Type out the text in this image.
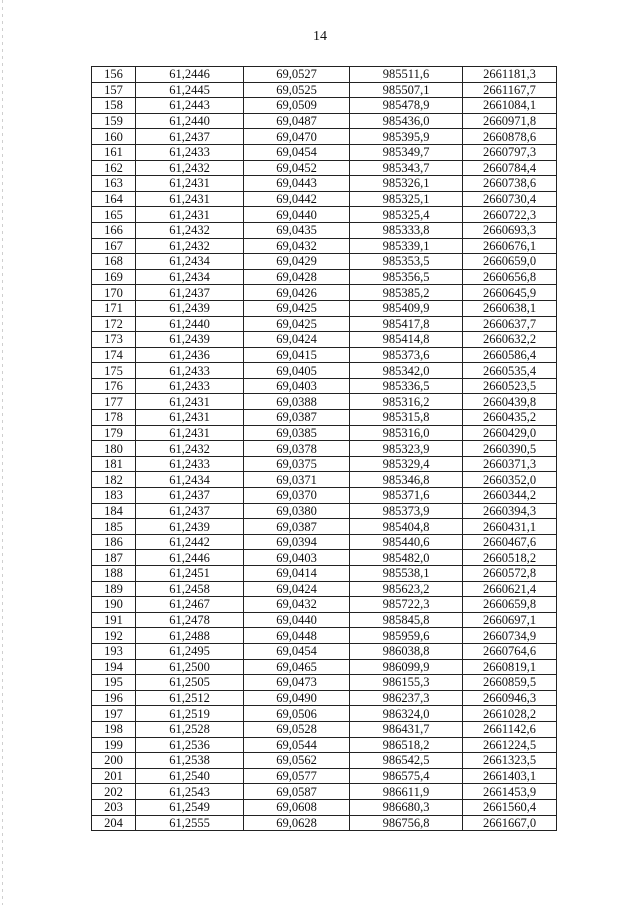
14
156	61,2446	69,0527	985511,6	2661181,3
157	61,2445	69,0525	985507,1	2661167,7
158	61,2443	69,0509	985478,9	2661084,1
159	61,2440	69,0487	985436,0	2660971,8
160	61,2437	69,0470	985395,9	2660878,6
161	61,2433	69,0454	985349,7	2660797,3
162	61,2432	69,0452	985343,7	2660784,4
163	61,2431	69,0443	985326,1	2660738,6
164	61,2431	69,0442	985325,1	2660730,4
165	61,2431	69,0440	985325,4	2660722,3
166	61,2432	69,0435	985333,8	2660693,3
167	61,2432	69,0432	985339,1	2660676,1
168	61,2434	69,0429	985353,5	2660659,0
169	61,2434	69,0428	985356,5	2660656,8
170	61,2437	69,0426	985385,2	2660645,9
171	61,2439	69,0425	985409,9	2660638,1
172	61,2440	69,0425	985417,8	2660637,7
173	61,2439	69,0424	985414,8	2660632,2
174	61,2436	69,0415	985373,6	2660586,4
175	61,2433	69,0405	985342,0	2660535,4
176	61,2433	69,0403	985336,5	2660523,5
177	61,2431	69,0388	985316,2	2660439,8
178	61,2431	69,0387	985315,8	2660435,2
179	61,2431	69,0385	985316,0	2660429,0
180	61,2432	69,0378	985323,9	2660390,5
181	61,2433	69,0375	985329,4	2660371,3
182	61,2434	69,0371	985346,8	2660352,0
183	61,2437	69,0370	985371,6	2660344,2
184	61,2437	69,0380	985373,9	2660394,3
185	61,2439	69,0387	985404,8	2660431,1
186	61,2442	69,0394	985440,6	2660467,6
187	61,2446	69,0403	985482,0	2660518,2
188	61,2451	69,0414	985538,1	2660572,8
189	61,2458	69,0424	985623,2	2660621,4
190	61,2467	69,0432	985722,3	2660659,8
191	61,2478	69,0440	985845,8	2660697,1
192	61,2488	69,0448	985959,6	2660734,9
193	61,2495	69,0454	986038,8	2660764,6
194	61,2500	69,0465	986099,9	2660819,1
195	61,2505	69,0473	986155,3	2660859,5
196	61,2512	69,0490	986237,3	2660946,3
197	61,2519	69,0506	986324,0	2661028,2
198	61,2528	69,0528	986431,7	2661142,6
199	61,2536	69,0544	986518,2	2661224,5
200	61,2538	69,0562	986542,5	2661323,5
201	61,2540	69,0577	986575,4	2661403,1
202	61,2543	69,0587	986611,9	2661453,9
203	61,2549	69,0608	986680,3	2661560,4
204	61,2555	69,0628	986756,8	2661667,0
